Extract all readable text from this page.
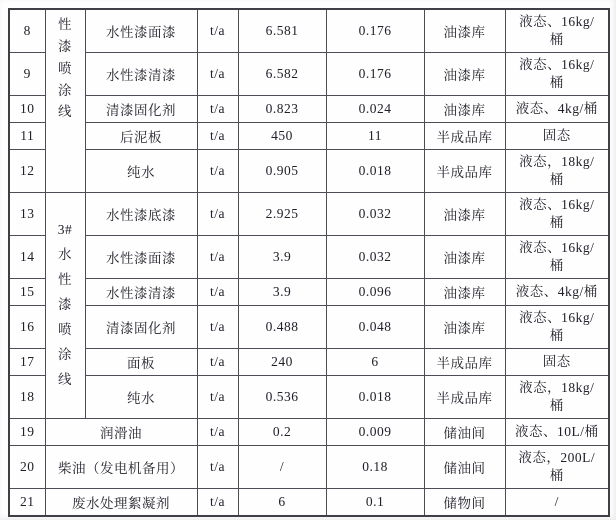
8	性漆喷涂线	水性漆面漆	t/a	6.581	0.176	油漆库	液态、16kg/桶
9		水性漆清漆	t/a	6.582	0.176	油漆库	液态、16kg/桶
10		清漆固化剂	t/a	0.823	0.024	油漆库	液态、4kg/桶
11		后泥板	t/a	450	11	半成品库	固态
12		纯水	t/a	0.905	0.018	半成品库	液态，18kg/桶
13	3#水性漆喷涂线	水性漆底漆	t/a	2.925	0.032	油漆库	液态、16kg/桶
14		水性漆面漆	t/a	3.9	0.032	油漆库	液态、16kg/桶
15		水性漆清漆	t/a	3.9	0.096	油漆库	液态、4kg/桶
16		清漆固化剂	t/a	0.488	0.048	油漆库	液态、16kg/桶
17		面板	t/a	240	6	半成品库	固态
18		纯水	t/a	0.536	0.018	半成品库	液态，18kg/桶
19	润滑油		t/a	0.2	0.009	储油间	液态、10L/桶
20	柴油（发电机备用）		t/a	/	0.18	储油间	液态，200L/桶
21	废水处理絮凝剂		t/a	6	0.1	储物间	/
